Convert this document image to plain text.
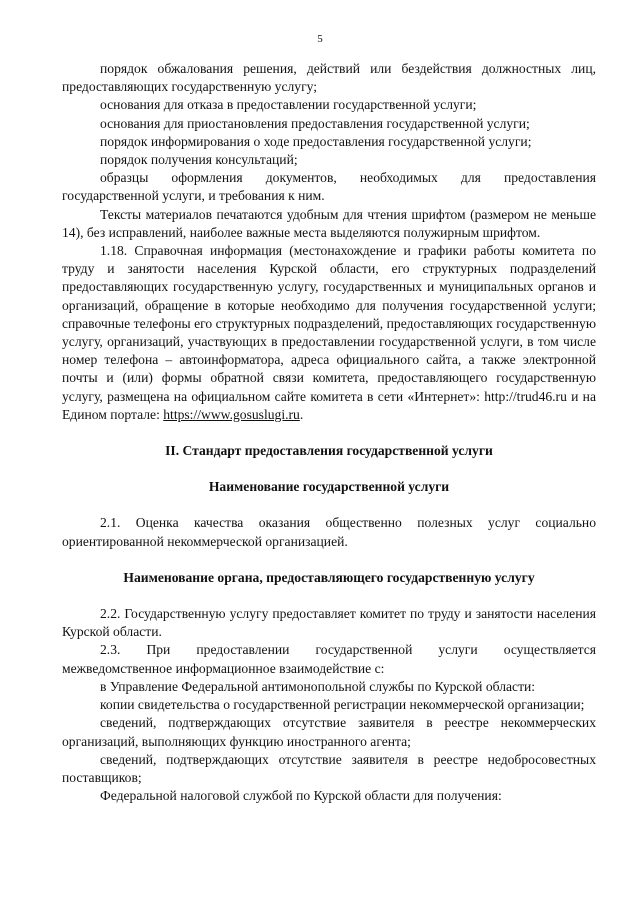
5

порядок обжалования решения, действий или бездействия должностных лиц, предоставляющих государственную услугу;

основания для отказа в предоставлении государственной услуги;

основания для приостановления предоставления государственной услуги;

порядок информирования о ходе предоставления государственной услуги;

порядок получения консультаций;

образцы оформления документов, необходимых для предоставления государственной услуги, и требования к ним.

Тексты материалов печатаются удобным для чтения шрифтом (размером не меньше 14), без исправлений, наиболее важные места выделяются полужирным шрифтом.

1.18. Справочная информация (местонахождение и графики работы комитета по труду и занятости населения Курской области, его структурных подразделений предоставляющих государственную услугу, государственных и муниципальных органов и организаций, обращение в которые необходимо для получения государственной услуги; справочные телефоны его структурных подразделений, предоставляющих государственную услугу, организаций, участвующих в предоставлении государственной услуги, в том числе номер телефона – автоинформатора, адреса официального сайта, а также электронной почты и (или) формы обратной связи комитета, предоставляющего государственную услугу, размещена на официальном сайте комитета в сети «Интернет»: http://trud46.ru и на Едином портале: https://www.gosuslugi.ru.

II. Стандарт предоставления государственной услуги
Наименование государственной услуги

2.1. Оценка качества оказания общественно полезных услуг социально ориентированной некоммерческой организацией.

Наименование органа, предоставляющего государственную услугу

2.2. Государственную услугу предоставляет комитет по труду и занятости населения Курской области.

2.3. При предоставлении государственной услуги осуществляется межведомственное информационное взаимодействие с:

в Управление Федеральной антимонопольной службы по Курской области:

копии свидетельства о государственной регистрации некоммерческой организации;

сведений, подтверждающих отсутствие заявителя в реестре некоммерческих организаций, выполняющих функцию иностранного агента;

сведений, подтверждающих отсутствие заявителя в реестре недобросовестных поставщиков;

Федеральной налоговой службой по Курской области для получения:
